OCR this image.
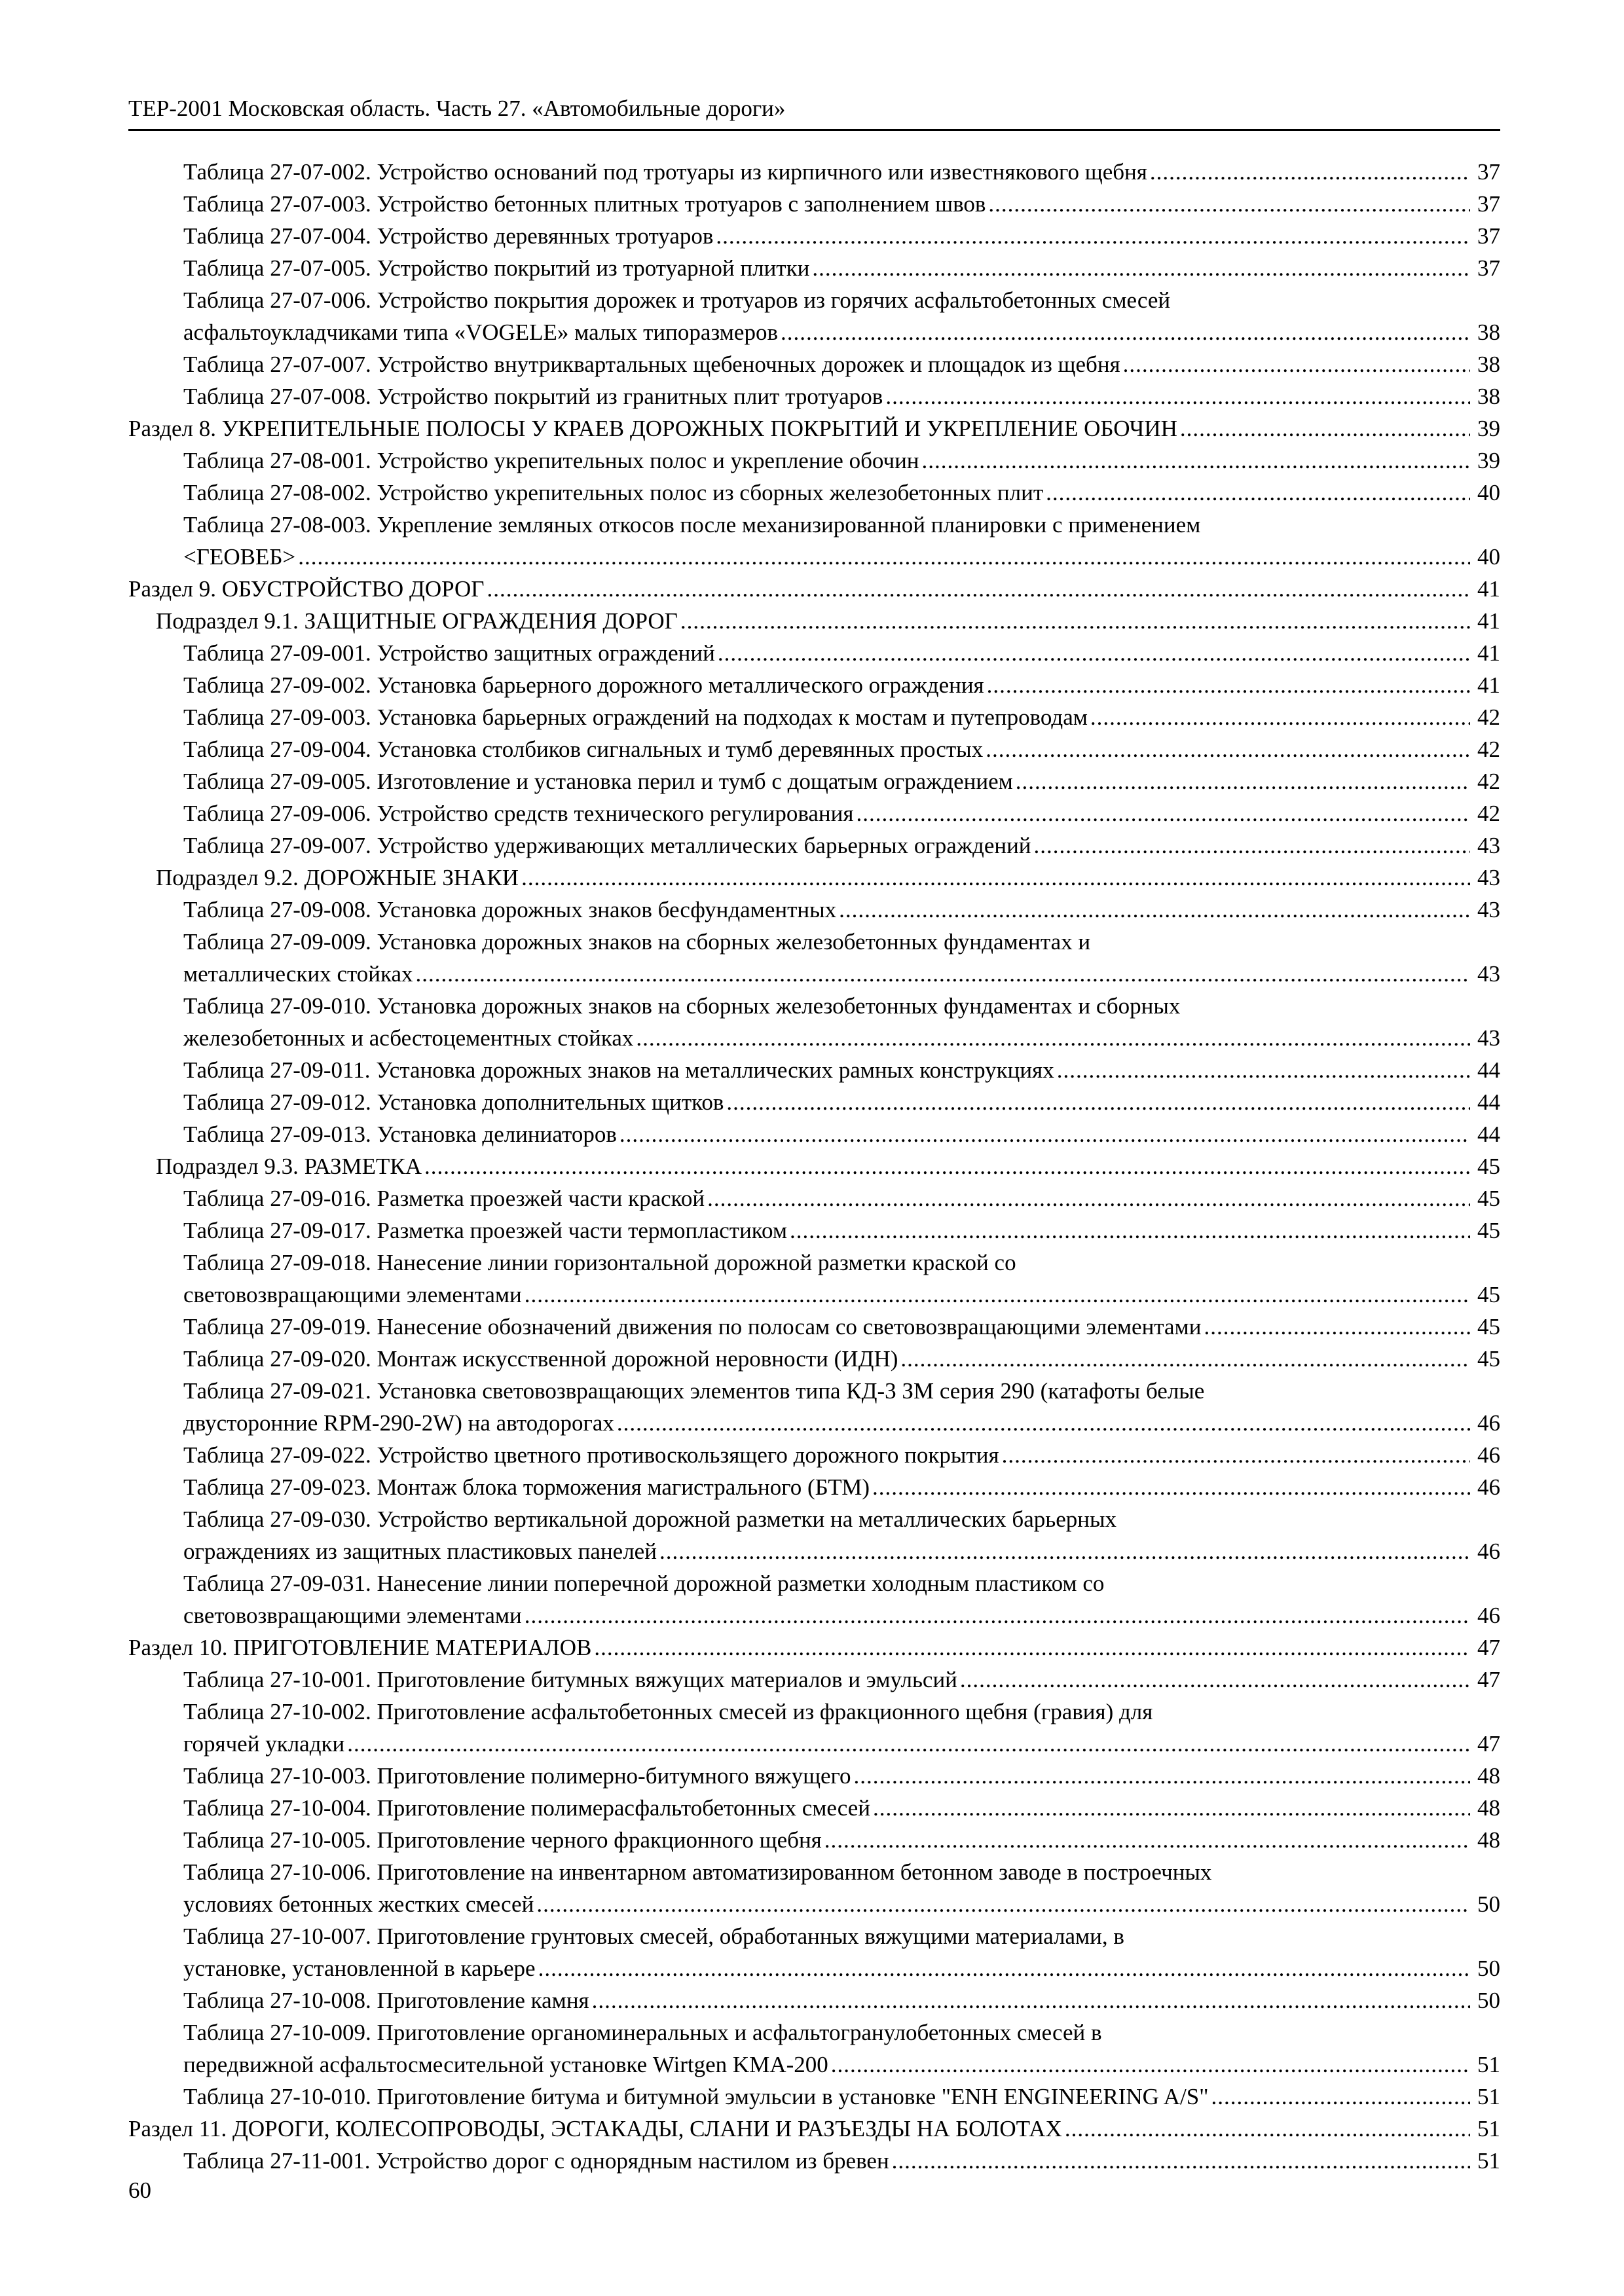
ТЕР-2001 Московская область. Часть 27. «Автомобильные дороги»
Таблица 27-07-002. Устройство оснований под тротуары из кирпичного или известнякового щебня .....	37
Таблица 27-07-003. Устройство бетонных плитных тротуаров с заполнением швов .....	37
Таблица 27-07-004. Устройство деревянных тротуаров .....	37
Таблица 27-07-005. Устройство покрытий из тротуарной плитки .....	37
Таблица 27-07-006. Устройство покрытия дорожек и тротуаров из горячих асфальтобетонных смесей
асфальтоукладчиками типа «VOGELE» малых типоразмеров .....	38
Таблица 27-07-007. Устройство внутриквартальных щебеночных дорожек и площадок из щебня .....	38
Таблица 27-07-008. Устройство покрытий из гранитных плит тротуаров .....	38
Раздел 8. УКРЕПИТЕЛЬНЫЕ ПОЛОСЫ У КРАЕВ ДОРОЖНЫХ ПОКРЫТИЙ И УКРЕПЛЕНИЕ ОБОЧИН .....	39
Таблица 27-08-001. Устройство укрепительных полос и укрепление обочин .....	39
Таблица 27-08-002. Устройство укрепительных полос из сборных железобетонных плит .....	40
Таблица 27-08-003. Укрепление земляных откосов после механизированной планировки с применением
<ГЕОВЕБ> .....	40
Раздел 9. ОБУСТРОЙСТВО ДОРОГ .....	41
Подраздел 9.1. ЗАЩИТНЫЕ ОГРАЖДЕНИЯ ДОРОГ .....	41
Таблица 27-09-001. Устройство защитных ограждений .....	41
Таблица 27-09-002. Установка барьерного дорожного металлического ограждения .....	41
Таблица 27-09-003. Установка барьерных ограждений на подходах к мостам и путепроводам .....	42
Таблица 27-09-004. Установка столбиков сигнальных и тумб деревянных простых .....	42
Таблица 27-09-005. Изготовление и установка перил и тумб с дощатым ограждением .....	42
Таблица 27-09-006. Устройство средств технического регулирования .....	42
Таблица 27-09-007. Устройство удерживающих металлических барьерных ограждений .....	43
Подраздел 9.2. ДОРОЖНЫЕ ЗНАКИ .....	43
Таблица 27-09-008. Установка дорожных знаков бесфундаментных .....	43
Таблица 27-09-009. Установка дорожных знаков на сборных железобетонных фундаментах и
металлических стойках .....	43
Таблица 27-09-010. Установка дорожных знаков на сборных железобетонных фундаментах и сборных
железобетонных и асбестоцементных стойках .....	43
Таблица 27-09-011. Установка дорожных знаков на металлических рамных конструкциях .....	44
Таблица 27-09-012. Установка дополнительных щитков .....	44
Таблица 27-09-013. Установка делиниаторов .....	44
Подраздел 9.3. РАЗМЕТКА .....	45
Таблица 27-09-016. Разметка проезжей части краской .....	45
Таблица 27-09-017. Разметка проезжей части термопластиком .....	45
Таблица 27-09-018. Нанесение линии горизонтальной дорожной разметки краской со
световозвращающими элементами .....	45
Таблица 27-09-019. Нанесение обозначений движения по полосам со световозвращающими элементами .....	45
Таблица 27-09-020. Монтаж искусственной дорожной неровности (ИДН) .....	45
Таблица 27-09-021. Установка световозвращающих элементов типа КД-3 ЗМ серия 290 (катафоты белые
двусторонние RPM-290-2W) на автодорогах .....	46
Таблица 27-09-022. Устройство цветного противоскользящего дорожного покрытия .....	46
Таблица 27-09-023. Монтаж блока торможения магистрального (БТМ) .....	46
Таблица 27-09-030. Устройство вертикальной дорожной разметки на металлических барьерных
ограждениях из защитных пластиковых панелей .....	46
Таблица 27-09-031. Нанесение линии поперечной дорожной разметки холодным пластиком со
световозвращающими элементами .....	46
Раздел 10. ПРИГОТОВЛЕНИЕ МАТЕРИАЛОВ .....	47
Таблица 27-10-001. Приготовление битумных вяжущих материалов и эмульсий .....	47
Таблица 27-10-002. Приготовление асфальтобетонных смесей из фракционного щебня (гравия) для
горячей укладки .....	47
Таблица 27-10-003. Приготовление полимерно-битумного вяжущего .....	48
Таблица 27-10-004. Приготовление полимерасфальтобетонных смесей .....	48
Таблица 27-10-005. Приготовление черного фракционного щебня .....	48
Таблица 27-10-006. Приготовление на инвентарном автоматизированном бетонном заводе в построечных
условиях бетонных жестких смесей .....	50
Таблица 27-10-007. Приготовление грунтовых смесей, обработанных вяжущими материалами, в
установке, установленной в карьере .....	50
Таблица 27-10-008. Приготовление камня .....	50
Таблица 27-10-009. Приготовление органоминеральных и асфальтогранулобетонных смесей в
передвижной асфальтосмесительной установке Wirtgen KMA-200 .....	51
Таблица 27-10-010. Приготовление битума и битумной эмульсии в установке "ENH ENGINEERING A/S" .....	51
Раздел 11. ДОРОГИ, КОЛЕСОПРОВОДЫ, ЭСТАКАДЫ, СЛАНИ И РАЗЪЕЗДЫ НА БОЛОТАХ .....	51
Таблица 27-11-001. Устройство дорог с однорядным настилом из бревен .....	51
60
